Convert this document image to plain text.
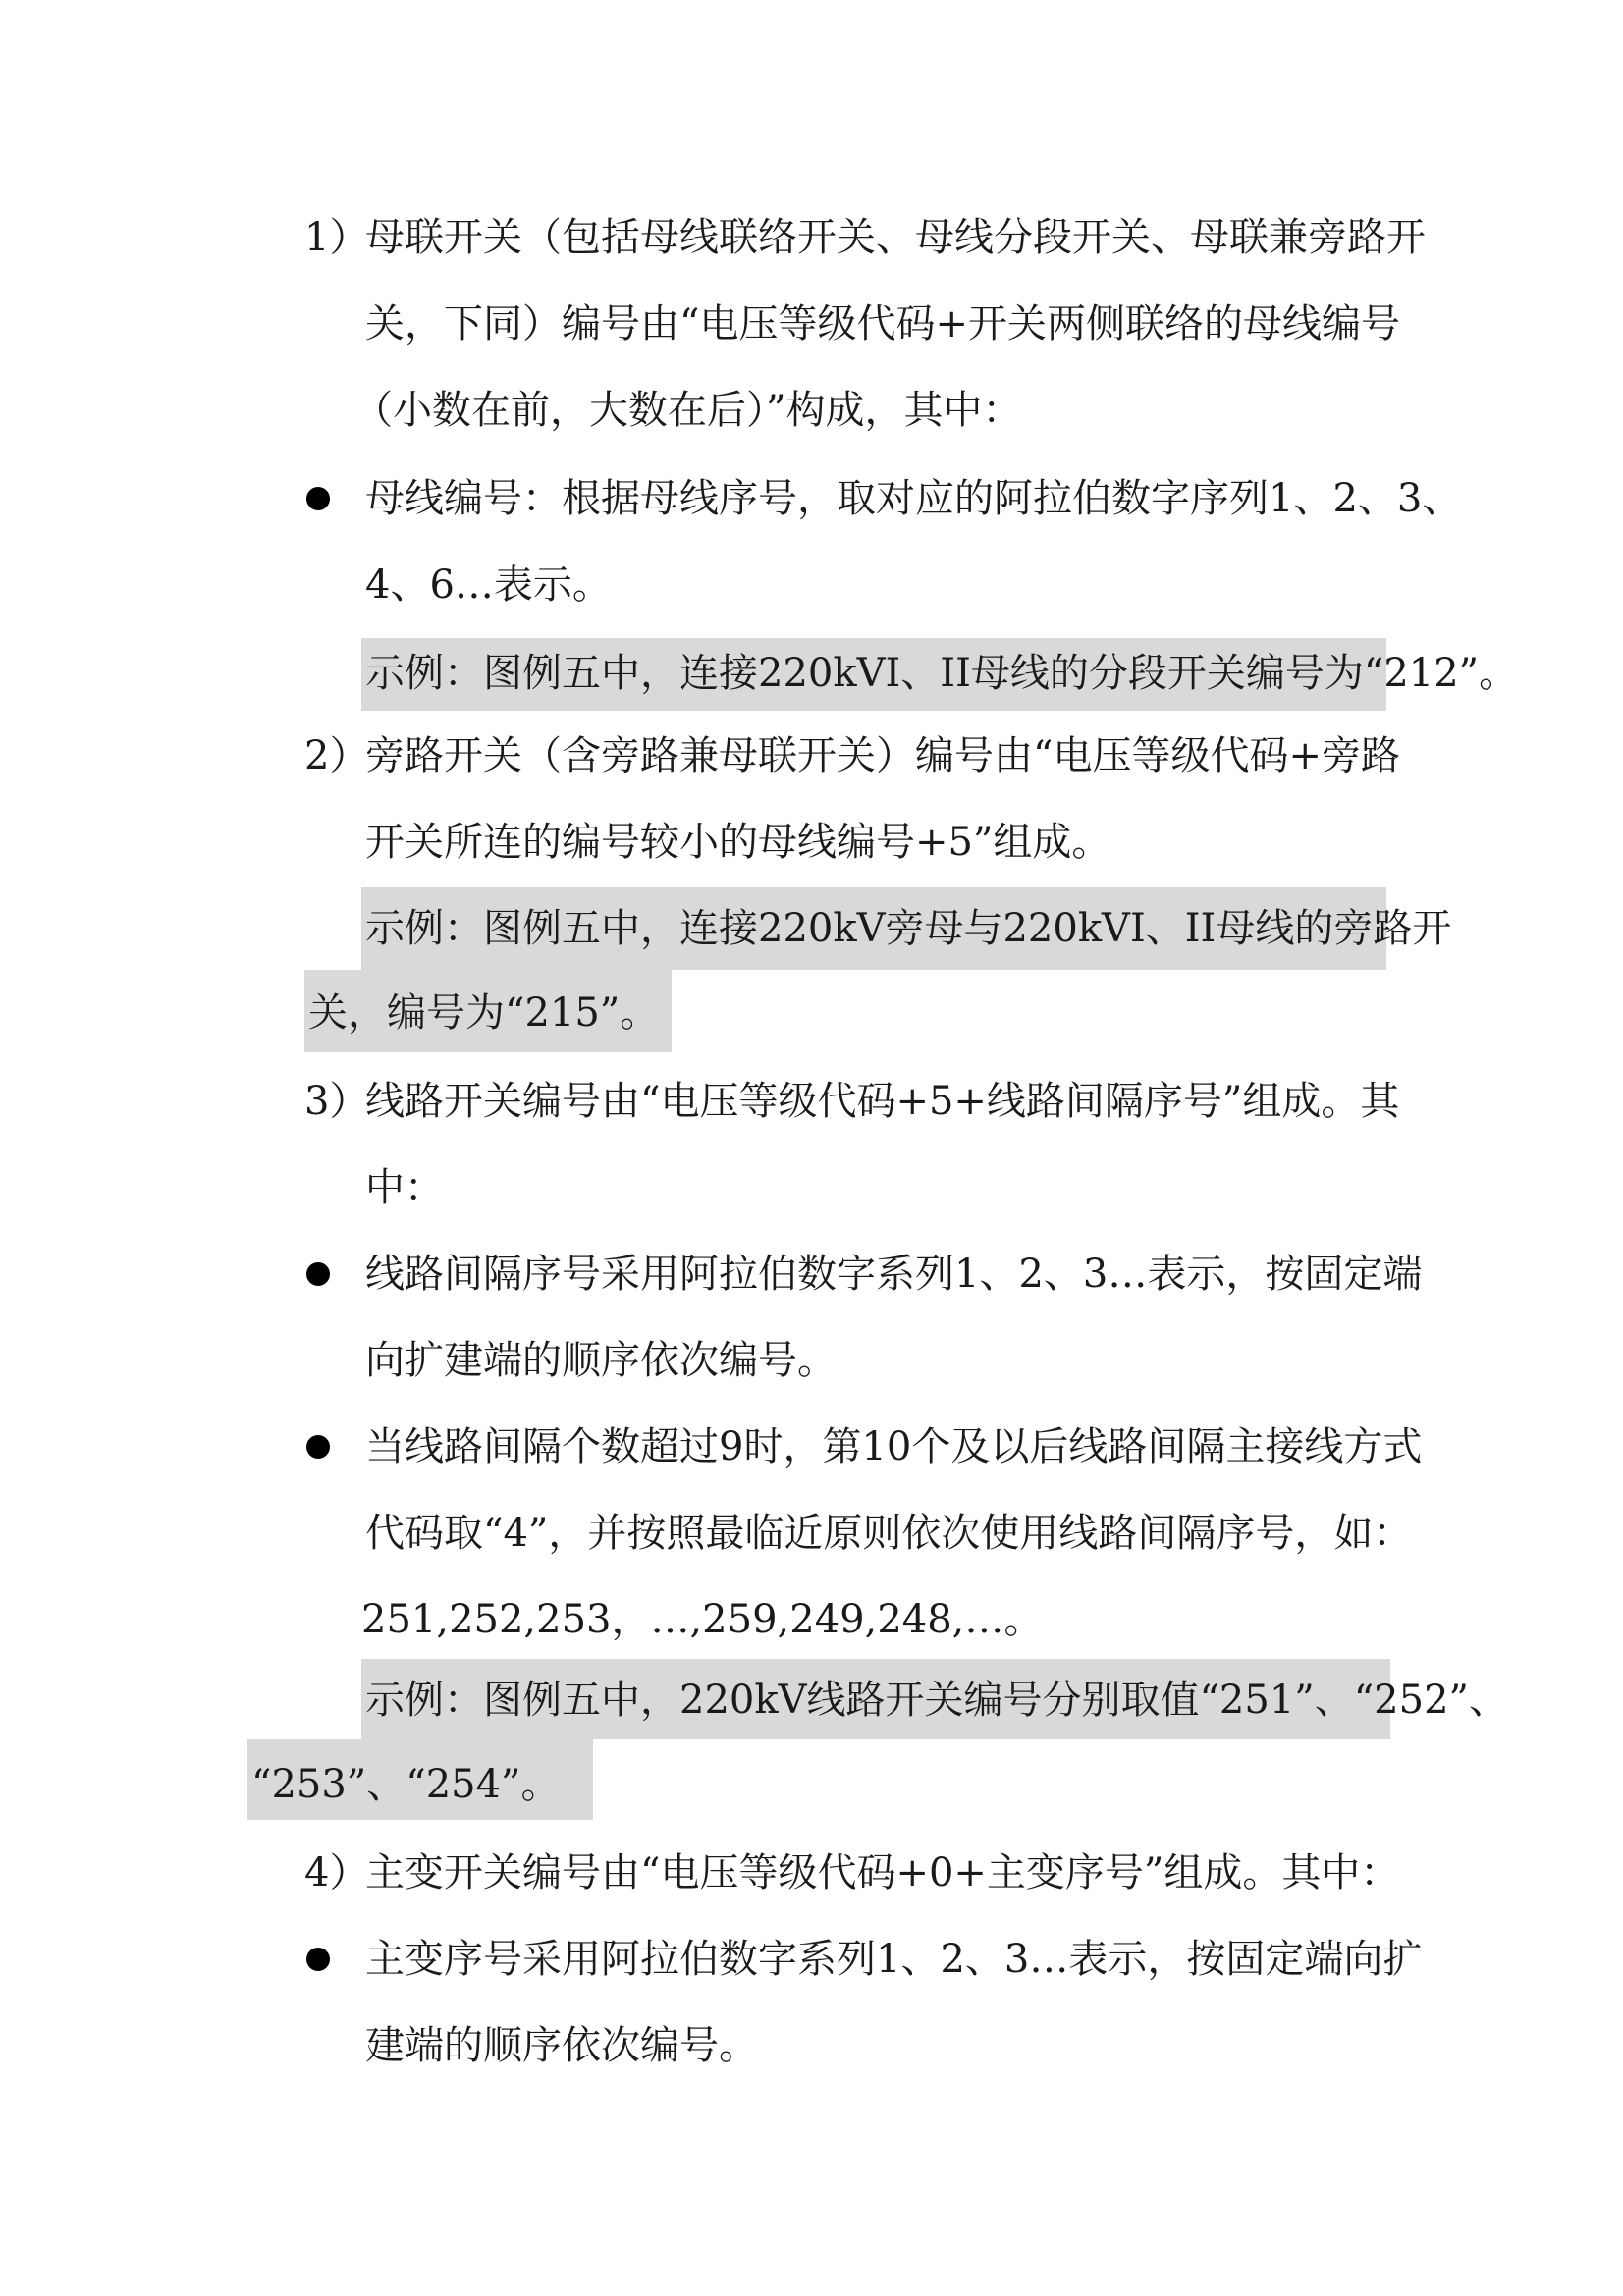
1）
母联开关（包括母线联络开关、母线分段开关、母联兼旁路开
关，下同）编号由“电压等级代码+开关两侧联络的母线编号
（小数在前，大数在后）”构成，其中：
母线编号：根据母线序号，取对应的阿拉伯数字序列1、2、3、
4、6…表示。
示例：图例五中，连接220kVI、II母线的分段开关编号为“212”。
2）
旁路开关（含旁路兼母联开关）编号由“电压等级代码+旁路
开关所连的编号较小的母线编号+5”组成。
示例：图例五中，连接220kV旁母与220kVI、II母线的旁路开
关，编号为“215”。
3）
线路开关编号由“电压等级代码+5+线路间隔序号”组成。其
中：
线路间隔序号采用阿拉伯数字系列1、2、3…表示，按固定端
向扩建端的顺序依次编号。
当线路间隔个数超过9时，第10个及以后线路间隔主接线方式
代码取“4”，并按照最临近原则依次使用线路间隔序号，如：
251,252,253，…,259,249,248,…。
示例：图例五中，220kV线路开关编号分别取值“251”、“252”、
“253”、“254”。
4）
主变开关编号由“电压等级代码+0+主变序号”组成。其中：
主变序号采用阿拉伯数字系列1、2、3…表示，按固定端向扩
建端的顺序依次编号。
